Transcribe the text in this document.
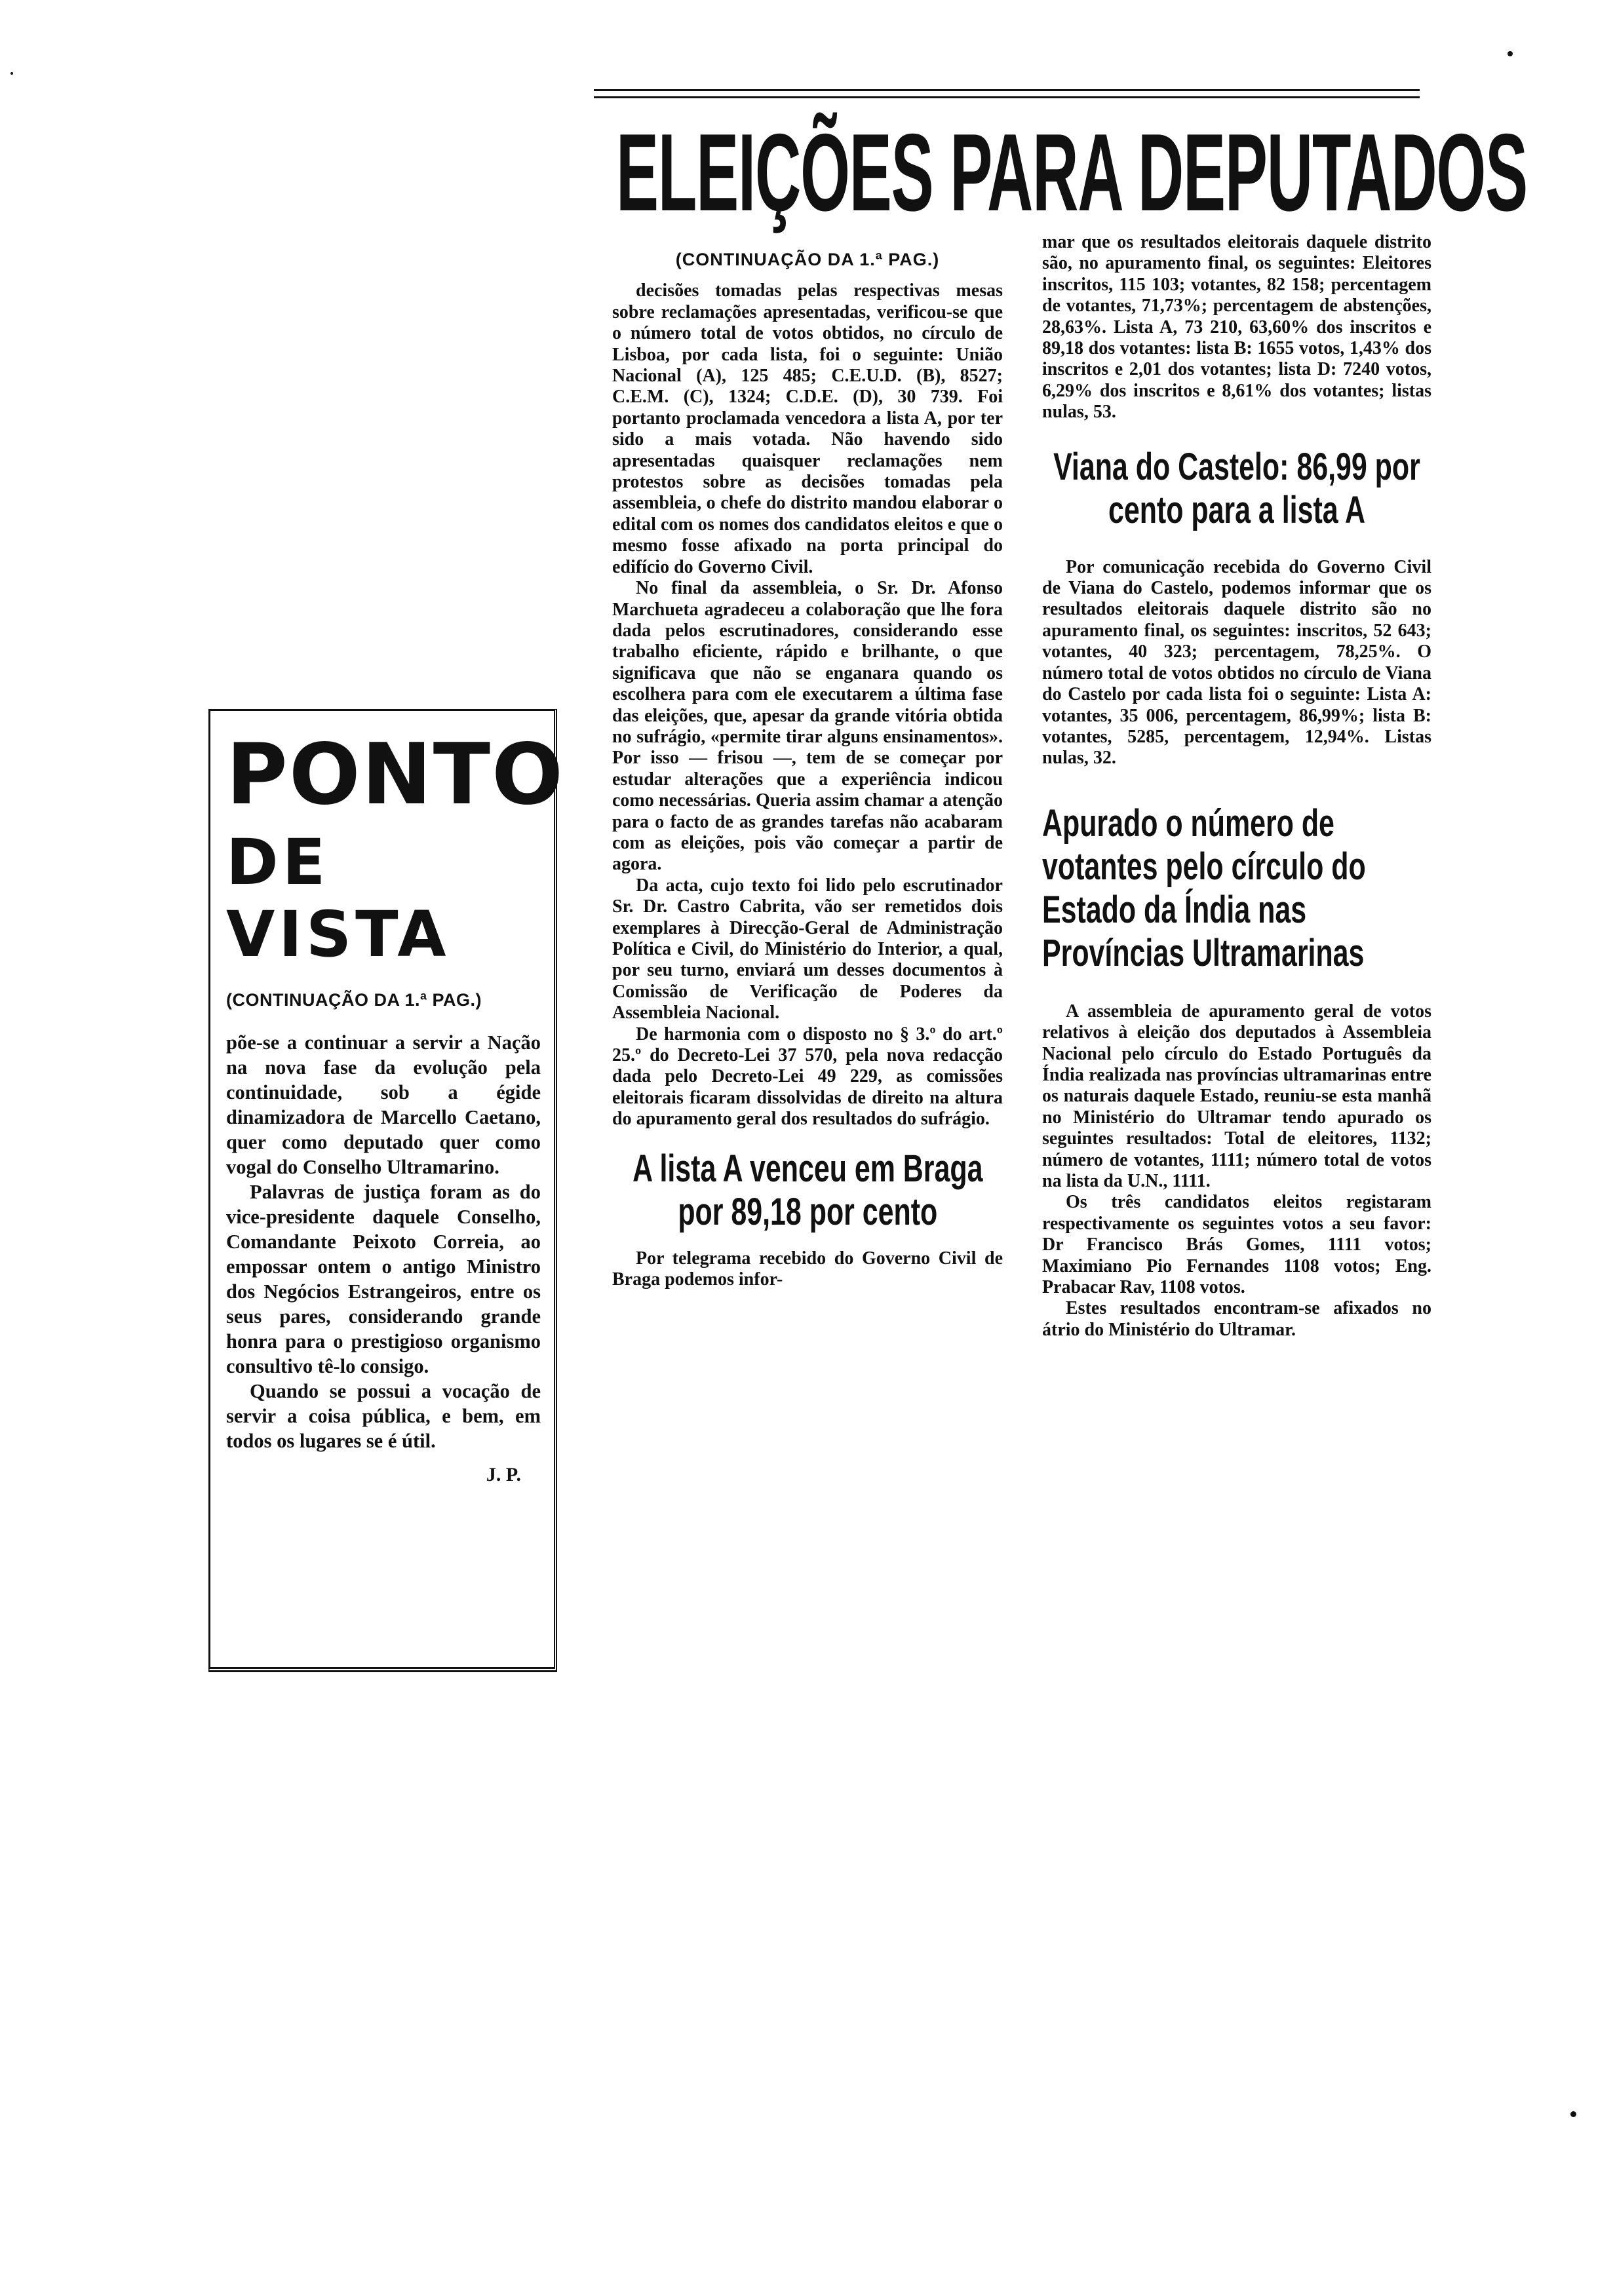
ELEIÇÕES PARA DEPUTADOS
PONTO
DE VISTA
(CONTINUAÇÃO DA 1.ª PAG.)

põe-se a continuar a servir a Nação na nova fase da evolução pela continuidade, sob a égide dinamizadora de Marcello Caetano, quer como deputado quer como vogal do Conselho Ultramarino.

Palavras de justiça foram as do vice-presidente daquele Conselho, Comandante Peixoto Correia, ao empossar ontem o antigo Ministro dos Negócios Estrangeiros, entre os seus pares, considerando grande honra para o prestigioso organismo consultivo tê-lo consigo.

Quando se possui a vocação de servir a coisa pública, e bem, em todos os lugares se é útil.

J. P.

(CONTINUAÇÃO DA 1.ª PAG.)

decisões tomadas pelas respectivas mesas sobre reclamações apresentadas, verificou-se que o número total de votos obtidos, no círculo de Lisboa, por cada lista, foi o seguinte: União Nacional (A), 125 485; C.E.U.D. (B), 8527; C.E.M. (C), 1324; C.D.E. (D), 30 739. Foi portanto proclamada vencedora a lista A, por ter sido a mais votada. Não havendo sido apresentadas quaisquer reclamações nem protestos sobre as decisões tomadas pela assembleia, o chefe do distrito mandou elaborar o edital com os nomes dos candidatos eleitos e que o mesmo fosse afixado na porta principal do edifício do Governo Civil.

No final da assembleia, o Sr. Dr. Afonso Marchueta agradeceu a colaboração que lhe fora dada pelos escrutinadores, considerando esse trabalho eficiente, rápido e brilhante, o que significava que não se enganara quando os escolhera para com ele executarem a última fase das eleições, que, apesar da grande vitória obtida no sufrágio, «permite tirar alguns ensinamentos». Por isso — frisou —, tem de se começar por estudar alterações que a experiência indicou como necessárias. Queria assim chamar a atenção para o facto de as grandes tarefas não acabaram com as eleições, pois vão começar a partir de agora.

Da acta, cujo texto foi lido pelo escrutinador Sr. Dr. Castro Cabrita, vão ser remetidos dois exemplares à Direcção-Geral de Administração Política e Civil, do Ministério do Interior, a qual, por seu turno, enviará um desses documentos à Comissão de Verificação de Poderes da Assembleia Nacional.

De harmonia com o disposto no § 3.º do art.º 25.º do Decreto-Lei 37 570, pela nova redacção dada pelo Decreto-Lei 49 229, as comissões eleitorais ficaram dissolvidas de direito na altura do apuramento geral dos resultados do sufrágio.

A lista A venceu em Braga por 89,18 por cento

Por telegrama recebido do Governo Civil de Braga podemos infor-

mar que os resultados eleitorais daquele distrito são, no apuramento final, os seguintes: Eleitores inscritos, 115 103; votantes, 82 158; percentagem de votantes, 71,73%; percentagem de abstenções, 28,63%. Lista A, 73 210, 63,60% dos inscritos e 89,18 dos votantes: lista B: 1655 votos, 1,43% dos inscritos e 2,01 dos votantes; lista D: 7240 votos, 6,29% dos inscritos e 8,61% dos votantes; listas nulas, 53.

Viana do Castelo: 86,99 por cento para a lista A

Por comunicação recebida do Governo Civil de Viana do Castelo, podemos informar que os resultados eleitorais daquele distrito são no apuramento final, os seguintes: inscritos, 52 643; votantes, 40 323; percentagem, 78,25%. O número total de votos obtidos no círculo de Viana do Castelo por cada lista foi o seguinte: Lista A: votantes, 35 006, percentagem, 86,99%; lista B: votantes, 5285, percentagem, 12,94%. Listas nulas, 32.

Apurado o número de votantes pelo círculo do Estado da Índia nas Províncias Ultramarinas

A assembleia de apuramento geral de votos relativos à eleição dos deputados à Assembleia Nacional pelo círculo do Estado Português da Índia realizada nas províncias ultramarinas entre os naturais daquele Estado, reuniu-se esta manhã no Ministério do Ultramar tendo apurado os seguintes resultados: Total de eleitores, 1132; número de votantes, 1111; número total de votos na lista da U.N., 1111.

Os três candidatos eleitos registaram respectivamente os seguintes votos a seu favor: Dr Francisco Brás Gomes, 1111 votos; Maximiano Pio Fernandes 1108 votos; Eng. Prabacar Rav, 1108 votos.

Estes resultados encontram-se afixados no átrio do Ministério do Ultramar.
